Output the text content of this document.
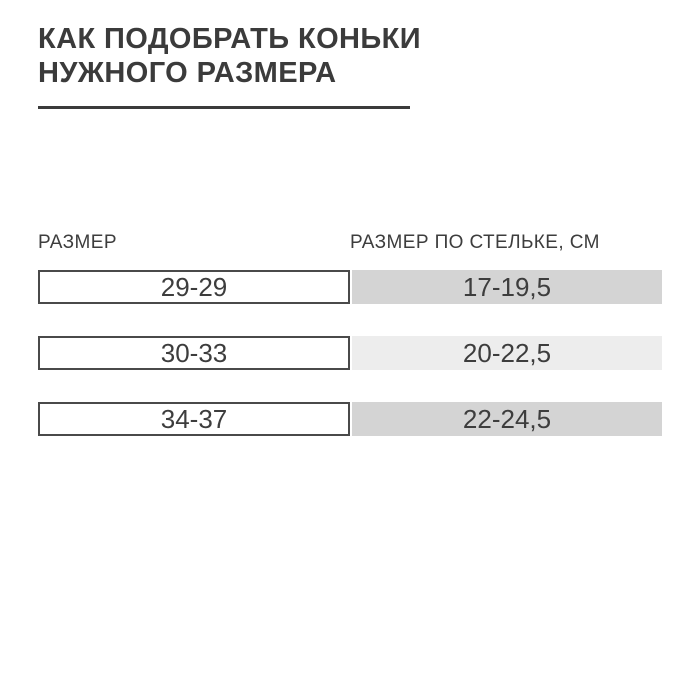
КАК ПОДОБРАТЬ КОНЬКИ
НУЖНОГО РАЗМЕРА
РАЗМЕР	РАЗМЕР ПО СТЕЛЬКЕ, СМ
29-29	17-19,5
30-33	20-22,5
34-37	22-24,5
